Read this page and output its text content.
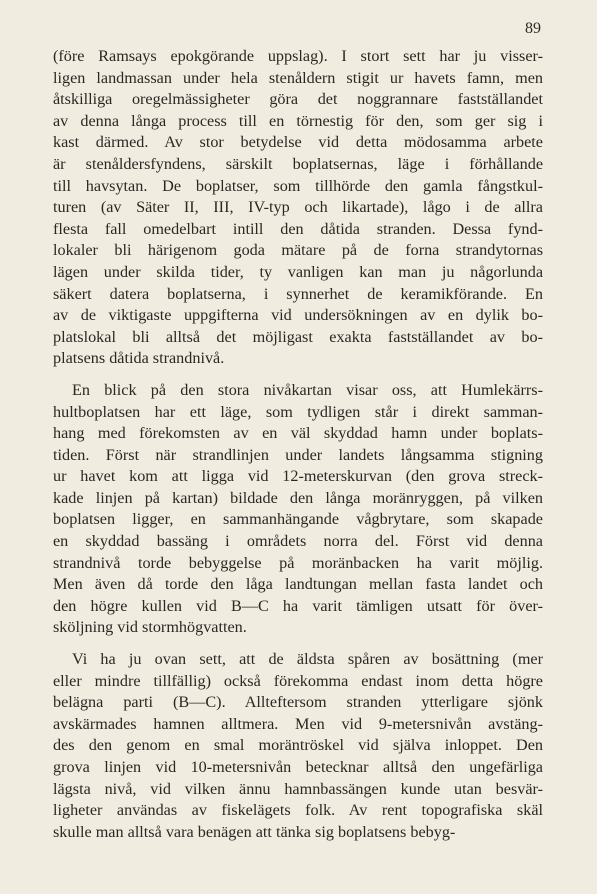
89
(före Ramsays epokgörande uppslag). I stort sett har ju visser-
ligen landmassan under hela stenåldern stigit ur havets famn, men
åtskilliga oregelmässigheter göra det noggrannare fastställandet
av denna långa process till en törnestig för den, som ger sig i
kast därmed. Av stor betydelse vid detta mödosamma arbete
är stenåldersfyndens, särskilt boplatsernas, läge i förhållande
till havsytan. De boplatser, som tillhörde den gamla fångstkul-
turen (av Säter II, III, IV-typ och likartade), lågo i de allra
flesta fall omedelbart intill den dåtida stranden. Dessa fynd-
lokaler bli härigenom goda mätare på de forna strandytornas
lägen under skilda tider, ty vanligen kan man ju någorlunda
säkert datera boplatserna, i synnerhet de keramikförande. En
av de viktigaste uppgifterna vid undersökningen av en dylik bo-
platslokal bli alltså det möjligast exakta fastställandet av bo-
platsens dåtida strandnivå.
En blick på den stora nivåkartan visar oss, att Humlekärrs-
hultboplatsen har ett läge, som tydligen står i direkt samman-
hang med förekomsten av en väl skyddad hamn under boplats-
tiden. Först när strandlinjen under landets långsamma stigning
ur havet kom att ligga vid 12-meterskurvan (den grova streck-
kade linjen på kartan) bildade den långa moränryggen, på vilken
boplatsen ligger, en sammanhängande vågbrytare, som skapade
en skyddad bassäng i områdets norra del. Först vid denna
strandnivå torde bebyggelse på moränbacken ha varit möjlig.
Men även då torde den låga landtungan mellan fasta landet och
den högre kullen vid B—C ha varit tämligen utsatt för över-
sköljning vid stormhögvatten.
Vi ha ju ovan sett, att de äldsta spåren av bosättning (mer
eller mindre tillfällig) också förekomma endast inom detta högre
belägna parti (B—C). Allteftersom stranden ytterligare sjönk
avskärmades hamnen alltmera. Men vid 9-metersnivån avstäng-
des den genom en smal moräntröskel vid själva inloppet. Den
grova linjen vid 10-metersnivån betecknar alltså den ungefärliga
lägsta nivå, vid vilken ännu hamnbassängen kunde utan besvär-
ligheter användas av fiskelägets folk. Av rent topografiska skäl
skulle man alltså vara benägen att tänka sig boplatsens bebyg-
